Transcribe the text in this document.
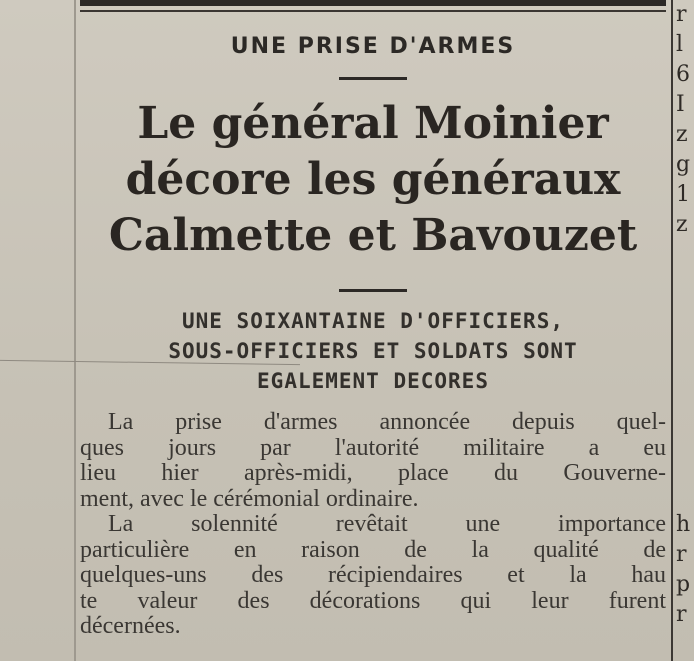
r
l
6
I
z
g
1
z
h
r
p
r
UNE PRISE D'ARMES
Le général Moinier
décore les généraux
Calmette et Bavouzet
UNE SOIXANTAINE D'OFFICIERS,
SOUS-OFFICIERS ET SOLDATS SONT
EGALEMENT DECORES

La prise d'armes annoncée depuis quel-
ques jours par l'autorité militaire a eu
lieu hier après-midi, place du Gouverne-
ment, avec le cérémonial ordinaire.

La solennité revêtait une importance
particulière en raison de la qualité de
quelques-uns des récipiendaires et la hau
te valeur des décorations qui leur furent
décernées.
